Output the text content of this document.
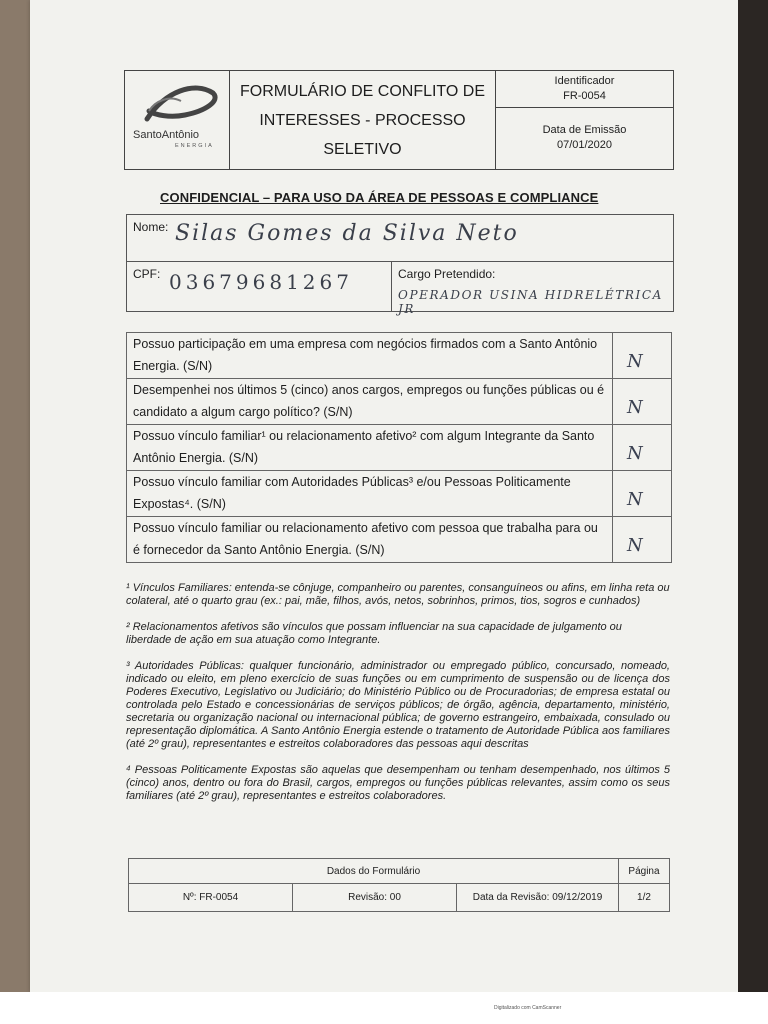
Digitalizado com CamScanner
SantoAntônio
ENERGIA
FORMULÁRIO DE CONFLITO DE INTERESSES - PROCESSO SELETIVO
Identificador
FR-0054
Data de Emissão
07/01/2020
CONFIDENCIAL – PARA USO DA ÁREA DE PESSOAS E COMPLIANCE
Nome: Silas Gomes da Silva Neto
CPF: 03679681267	Cargo Pretendido:
OPERADOR USINA HIDRELÉTRICA JR
Possuo participação em uma empresa com negócios firmados com a Santo Antônio Energia. (S/N)	N
Desempenhei nos últimos 5 (cinco) anos cargos, empregos ou funções públicas ou é candidato a algum cargo político? (S/N)	N
Possuo vínculo familiar¹ ou relacionamento afetivo² com algum Integrante da Santo Antônio Energia. (S/N)	N
Possuo vínculo familiar com Autoridades Públicas³ e/ou Pessoas Politicamente Expostas⁴. (S/N)	N
Possuo vínculo familiar ou relacionamento afetivo com pessoa que trabalha para ou é fornecedor da Santo Antônio Energia. (S/N)	N

¹ Vínculos Familiares: entenda-se cônjuge, companheiro ou parentes, consanguíneos ou afins, em linha reta ou colateral, até o quarto grau (ex.: pai, mãe, filhos, avós, netos, sobrinhos, primos, tios, sogros e cunhados)

² Relacionamentos afetivos são vínculos que possam influenciar na sua capacidade de julgamento ou liberdade de ação em sua atuação como Integrante.

³ Autoridades Públicas: qualquer funcionário, administrador ou empregado público, concursado, nomeado, indicado ou eleito, em pleno exercício de suas funções ou em cumprimento de suspensão ou de licença dos Poderes Executivo, Legislativo ou Judiciário; do Ministério Público ou de Procuradorias; de empresa estatal ou controlada pelo Estado e concessionárias de serviços públicos; de órgão, agência, departamento, ministério, secretaria ou organização nacional ou internacional pública; de governo estrangeiro, embaixada, consulado ou representação diplomática. A Santo Antônio Energia estende o tratamento de Autoridade Pública aos familiares (até 2º grau), representantes e estreitos colaboradores das pessoas aqui descritas

⁴ Pessoas Politicamente Expostas são aquelas que desempenham ou tenham desempenhado, nos últimos 5 (cinco) anos, dentro ou fora do Brasil, cargos, empregos ou funções públicas relevantes, assim como os seus familiares (até 2º grau), representantes e estreitos colaboradores.

Dados do Formulário	Página
Nº: FR-0054	Revisão: 00	Data da Revisão: 09/12/2019	1/2
